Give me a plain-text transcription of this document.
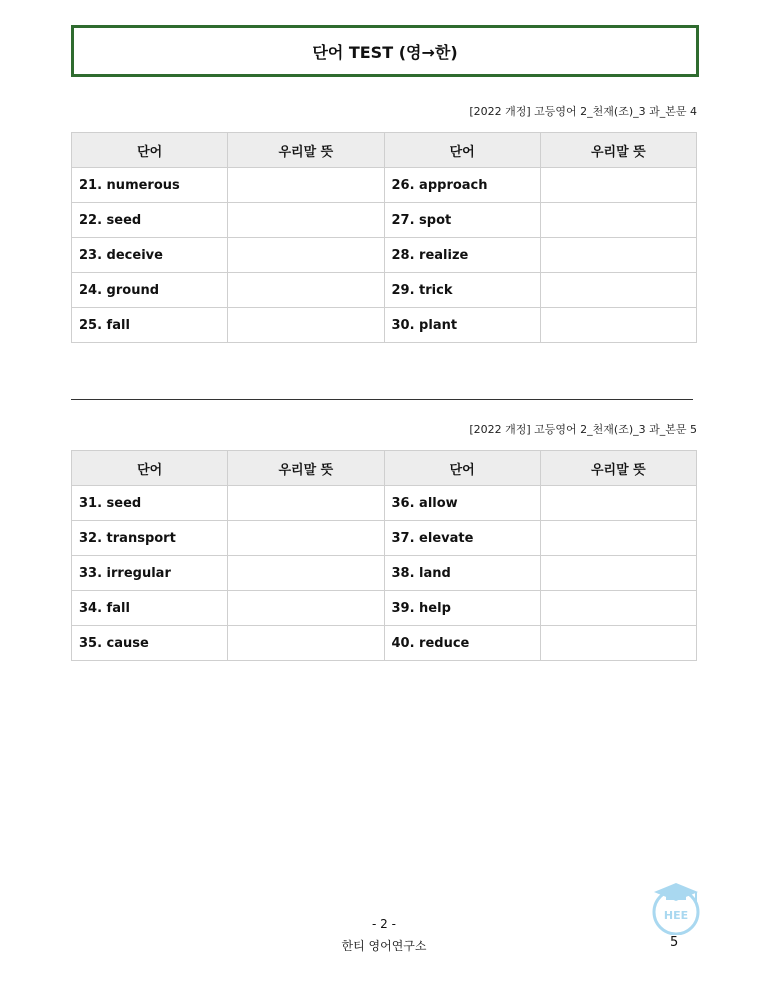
단어 TEST (영→한)
[2022 개정] 고등영어 2_천재(조)_3 과_본문 4
단어	우리말 뜻	단어	우리말 뜻
21. numerous		26. approach	
22. seed		27. spot	
23. deceive		28. realize	
24. ground		29. trick	
25. fall		30. plant	
[2022 개정] 고등영어 2_천재(조)_3 과_본문 5
단어	우리말 뜻	단어	우리말 뜻
31. seed		36. allow	
32. transport		37. elevate	
33. irregular		38. land	
34. fall		39. help	
35. cause		40. reduce	
- 2 -
한티 영어연구소	5
HEE
